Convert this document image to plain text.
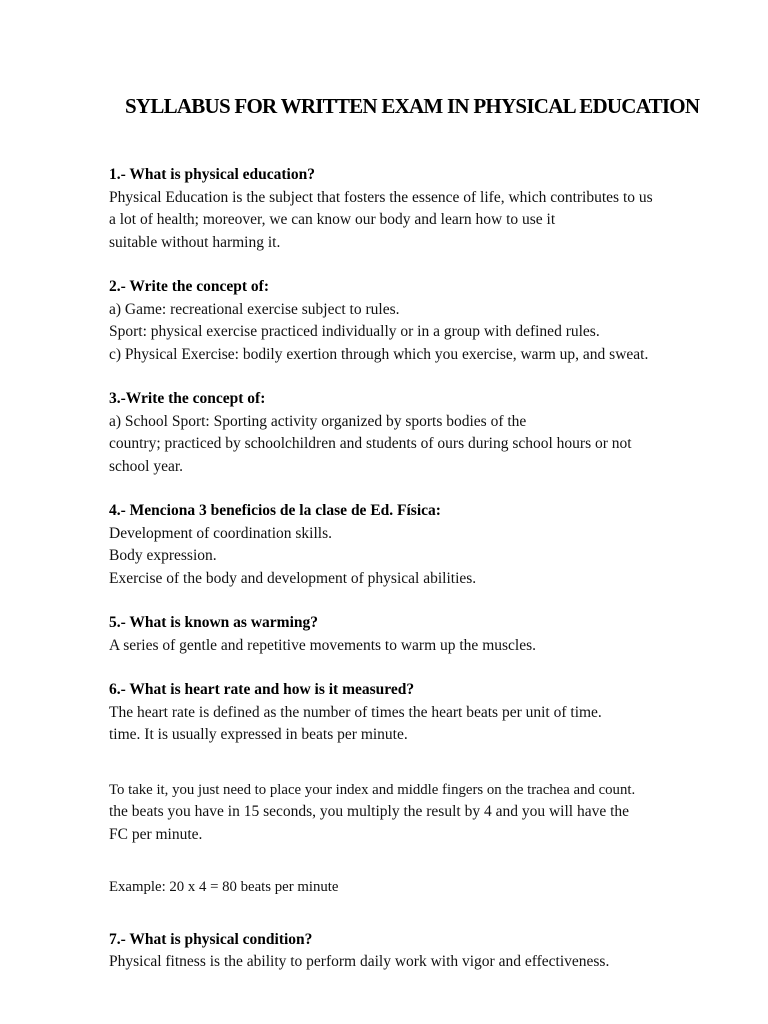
SYLLABUS FOR WRITTEN EXAM IN PHYSICAL EDUCATION
1.- What is physical education?
Physical Education is the subject that fosters the essence of life, which contributes to us
a lot of health; moreover, we can know our body and learn how to use it
suitable without harming it.
2.- Write the concept of:
a) Game: recreational exercise subject to rules.
Sport: physical exercise practiced individually or in a group with defined rules.
c) Physical Exercise: bodily exertion through which you exercise, warm up, and sweat.
3.-Write the concept of:
a) School Sport: Sporting activity organized by sports bodies of the
country; practiced by schoolchildren and students of ours during school hours or not
school year.
4.- Menciona 3 beneficios de la clase de Ed. Física:
Development of coordination skills.
Body expression.
Exercise of the body and development of physical abilities.
5.- What is known as warming?
A series of gentle and repetitive movements to warm up the muscles.
6.- What is heart rate and how is it measured?
The heart rate is defined as the number of times the heart beats per unit of time.
time. It is usually expressed in beats per minute.
To take it, you just need to place your index and middle fingers on the trachea and count.
the beats you have in 15 seconds, you multiply the result by 4 and you will have the
FC per minute.
Example: 20 x 4 = 80 beats per minute
7.- What is physical condition?
Physical fitness is the ability to perform daily work with vigor and effectiveness.
